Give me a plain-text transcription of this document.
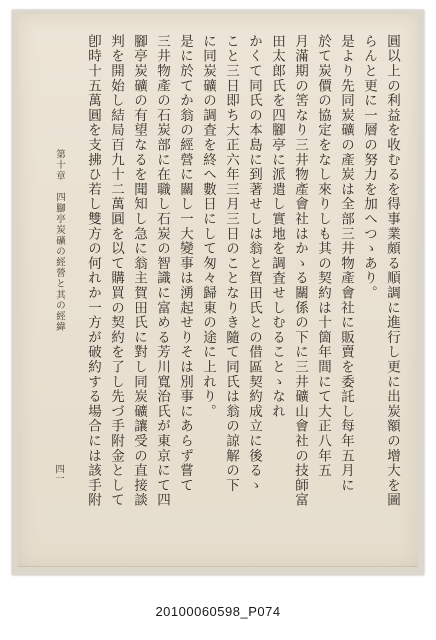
圓以上の利益を收むるを得事業頗る順調に進行し更に出炭額の增大を圖
らんと更に一層の努力を加へつゝあり。
是より先同炭礦の產炭は全部三井物產會社に販賣を委託し每年五月に
於て炭價の協定をなし來りしも其の契約は十箇年間にて大正八年五
月滿期の筈なり三井物產會社はかゝる關係の下に三井礦山會社の技師富
田太郎氏を四腳亭に派遣し實地を調査せしむることゝなれ
かくて同氏の本島に到著せしは翁と賀田氏との借區契約成立に後るゝ
こと三日即ち大正六年三月三日のことなりき隨て同氏は翁の諒解の下
に同炭礦の調査を終へ數日にして匆々歸東の途に上れり。
是に於てか翁の經營に關し一大變事は湧起せりそは別事にあらず嘗て
三井物產の石炭部に在職し石炭の智識に富める芳川寬治氏が東京にて四
腳亭炭礦の有望なるを聞知し急に翁主賀田氏に對し同炭礦讓受の直接談
判を開始し結局百九十二萬圓を以て購買の契約を了し先づ手附金として
卽時十五萬圓を支拂ひ若し雙方の何れか一方が破約する場合には該手附
第十章　四腳亭炭礦の經營と其の經緯
四一
20100060598_P074
